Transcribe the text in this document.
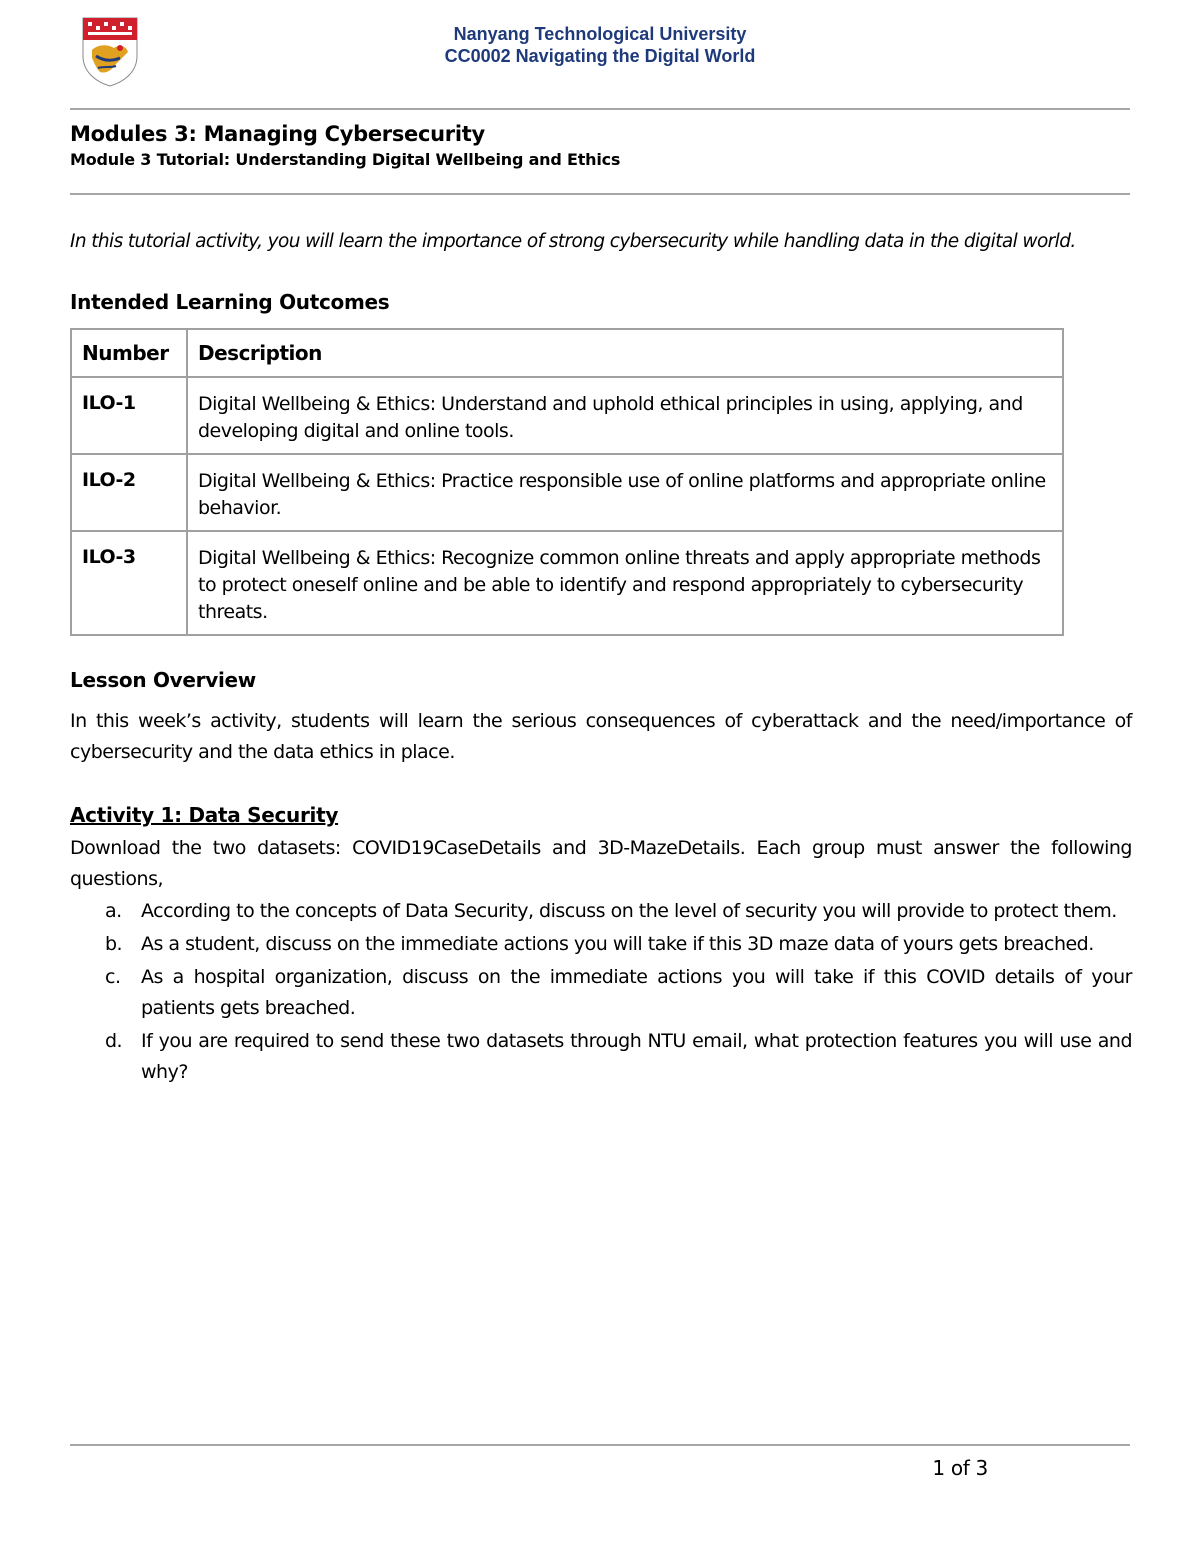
Nanyang Technological University
CC0002 Navigating the Digital World
Modules 3: Managing Cybersecurity
Module 3 Tutorial: Understanding Digital Wellbeing and Ethics
In this tutorial activity, you will learn the importance of strong cybersecurity while handling data in the digital world.
Intended Learning Outcomes
Number	Description
ILO-1	Digital Wellbeing & Ethics: Understand and uphold ethical principles in using, applying, and developing digital and online tools.
ILO-2	Digital Wellbeing & Ethics: Practice responsible use of online platforms and appropriate online behavior.
ILO-3	Digital Wellbeing & Ethics: Recognize common online threats and apply appropriate methods to protect oneself online and be able to identify and respond appropriately to cybersecurity threats.
Lesson Overview
In this week’s activity, students will learn the serious consequences of cyberattack and the need/importance of cybersecurity and the data ethics in place.
Activity 1: Data Security
Download the two datasets: COVID19CaseDetails and 3D-MazeDetails. Each group must answer the following questions,
a. According to the concepts of Data Security, discuss on the level of security you will provide to protect them.
b. As a student, discuss on the immediate actions you will take if this 3D maze data of yours gets breached.
c. As a hospital organization, discuss on the immediate actions you will take if this COVID details of your patients gets breached.
d. If you are required to send these two datasets through NTU email, what protection features you will use and why?
1 of 3
